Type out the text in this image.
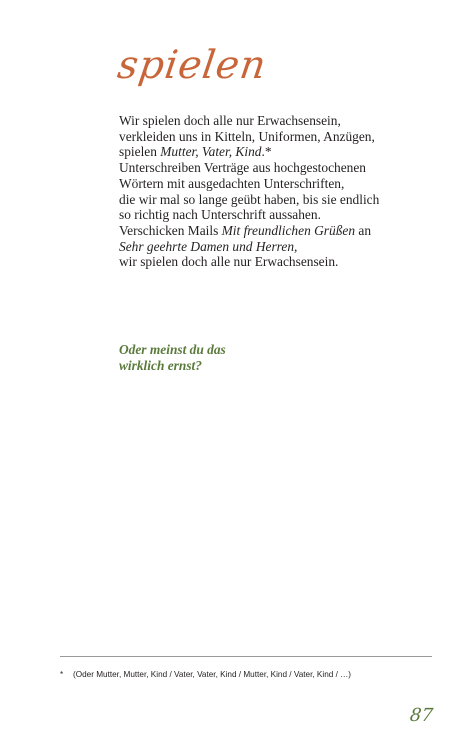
spielen
Wir spielen doch alle nur Erwachsensein,
verkleiden uns in Kitteln, Uniformen, Anzügen,
spielen Mutter, Vater, Kind.*
Unterschreiben Verträge aus hochgestochenen
Wörtern mit ausgedachten Unterschriften,
die wir mal so lange geübt haben, bis sie endlich
so richtig nach Unterschrift aussahen.
Verschicken Mails Mit freundlichen Grüßen an
Sehr geehrte Damen und Herren,
wir spielen doch alle nur Erwachsensein.
Oder meinst du das
wirklich ernst?
* (Oder Mutter, Mutter, Kind / Vater, Vater, Kind / Mutter, Kind / Vater, Kind / …)
87
